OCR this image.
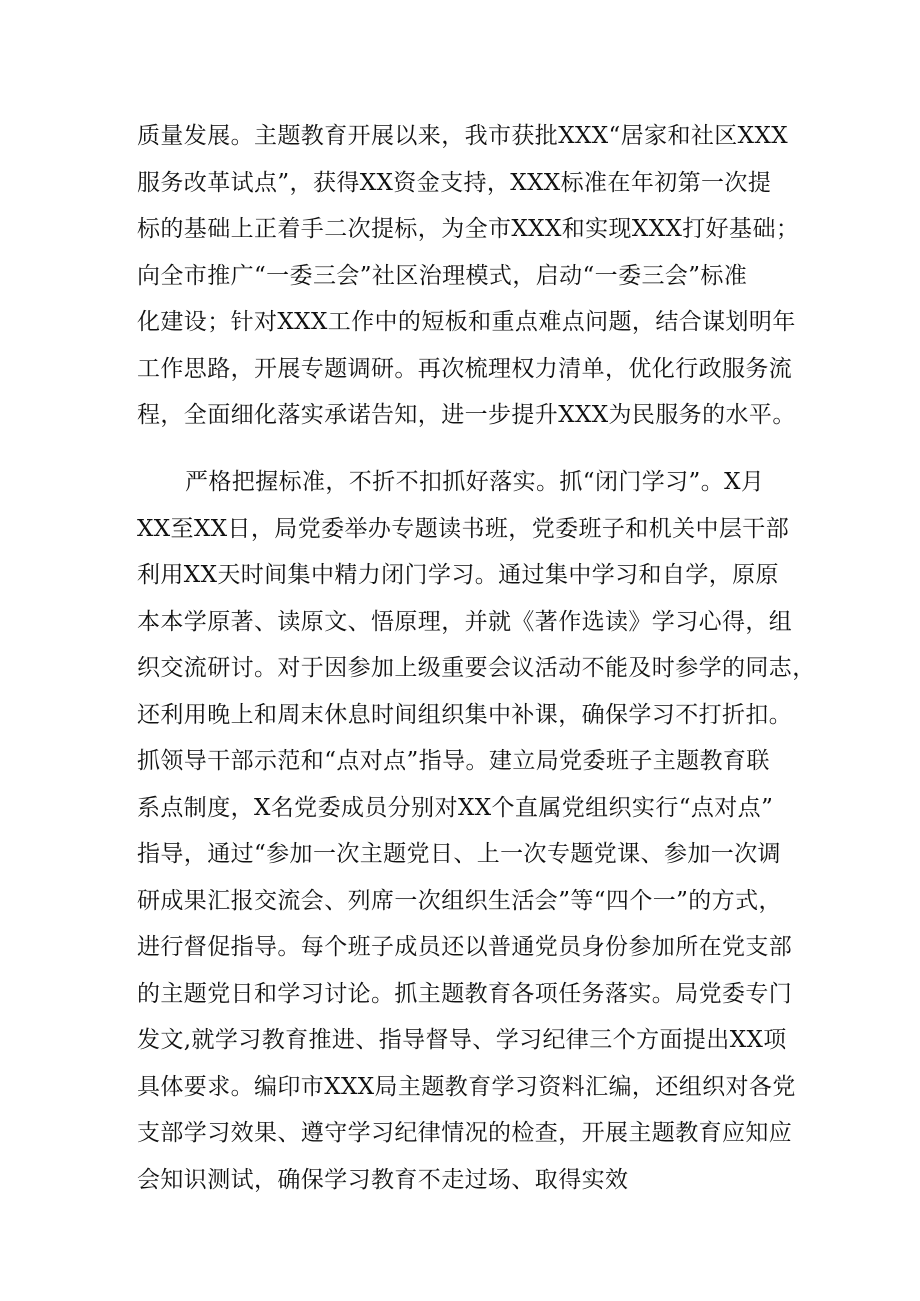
质量发展。主题教育开展以来，我市获批XXX“居家和社区XXX
服务改革试点”，获得XX资金支持，XXX标准在年初第一次提
标的基础上正着手二次提标，为全市XXX和实现XXX打好基础；
向全市推广“一委三会”社区治理模式，启动“一委三会”标准
化建设；针对XXX工作中的短板和重点难点问题，结合谋划明年
工作思路，开展专题调研。再次梳理权力清单，优化行政服务流
程，全面细化落实承诺告知，进一步提升XXX为民服务的水平。
严格把握标准，不折不扣抓好落实。抓“闭门学习”。X月
XX至XX日，局党委举办专题读书班，党委班子和机关中层干部
利用XX天时间集中精力闭门学习。通过集中学习和自学，原原
本本学原著、读原文、悟原理，并就《著作选读》学习心得，组
织交流研讨。对于因参加上级重要会议活动不能及时参学的同志，
还利用晚上和周末休息时间组织集中补课，确保学习不打折扣。
抓领导干部示范和“点对点”指导。建立局党委班子主题教育联
系点制度，X名党委成员分别对XX个直属党组织实行“点对点”
指导，通过“参加一次主题党日、上一次专题党课、参加一次调
研成果汇报交流会、列席一次组织生活会”等“四个一”的方式，
进行督促指导。每个班子成员还以普通党员身份参加所在党支部
的主题党日和学习讨论。抓主题教育各项任务落实。局党委专门
发文,就学习教育推进、指导督导、学习纪律三个方面提出XX项
具体要求。编印市XXX局主题教育学习资料汇编，还组织对各党
支部学习效果、遵守学习纪律情况的检查，开展主题教育应知应
会知识测试，确保学习教育不走过场、取得实效
